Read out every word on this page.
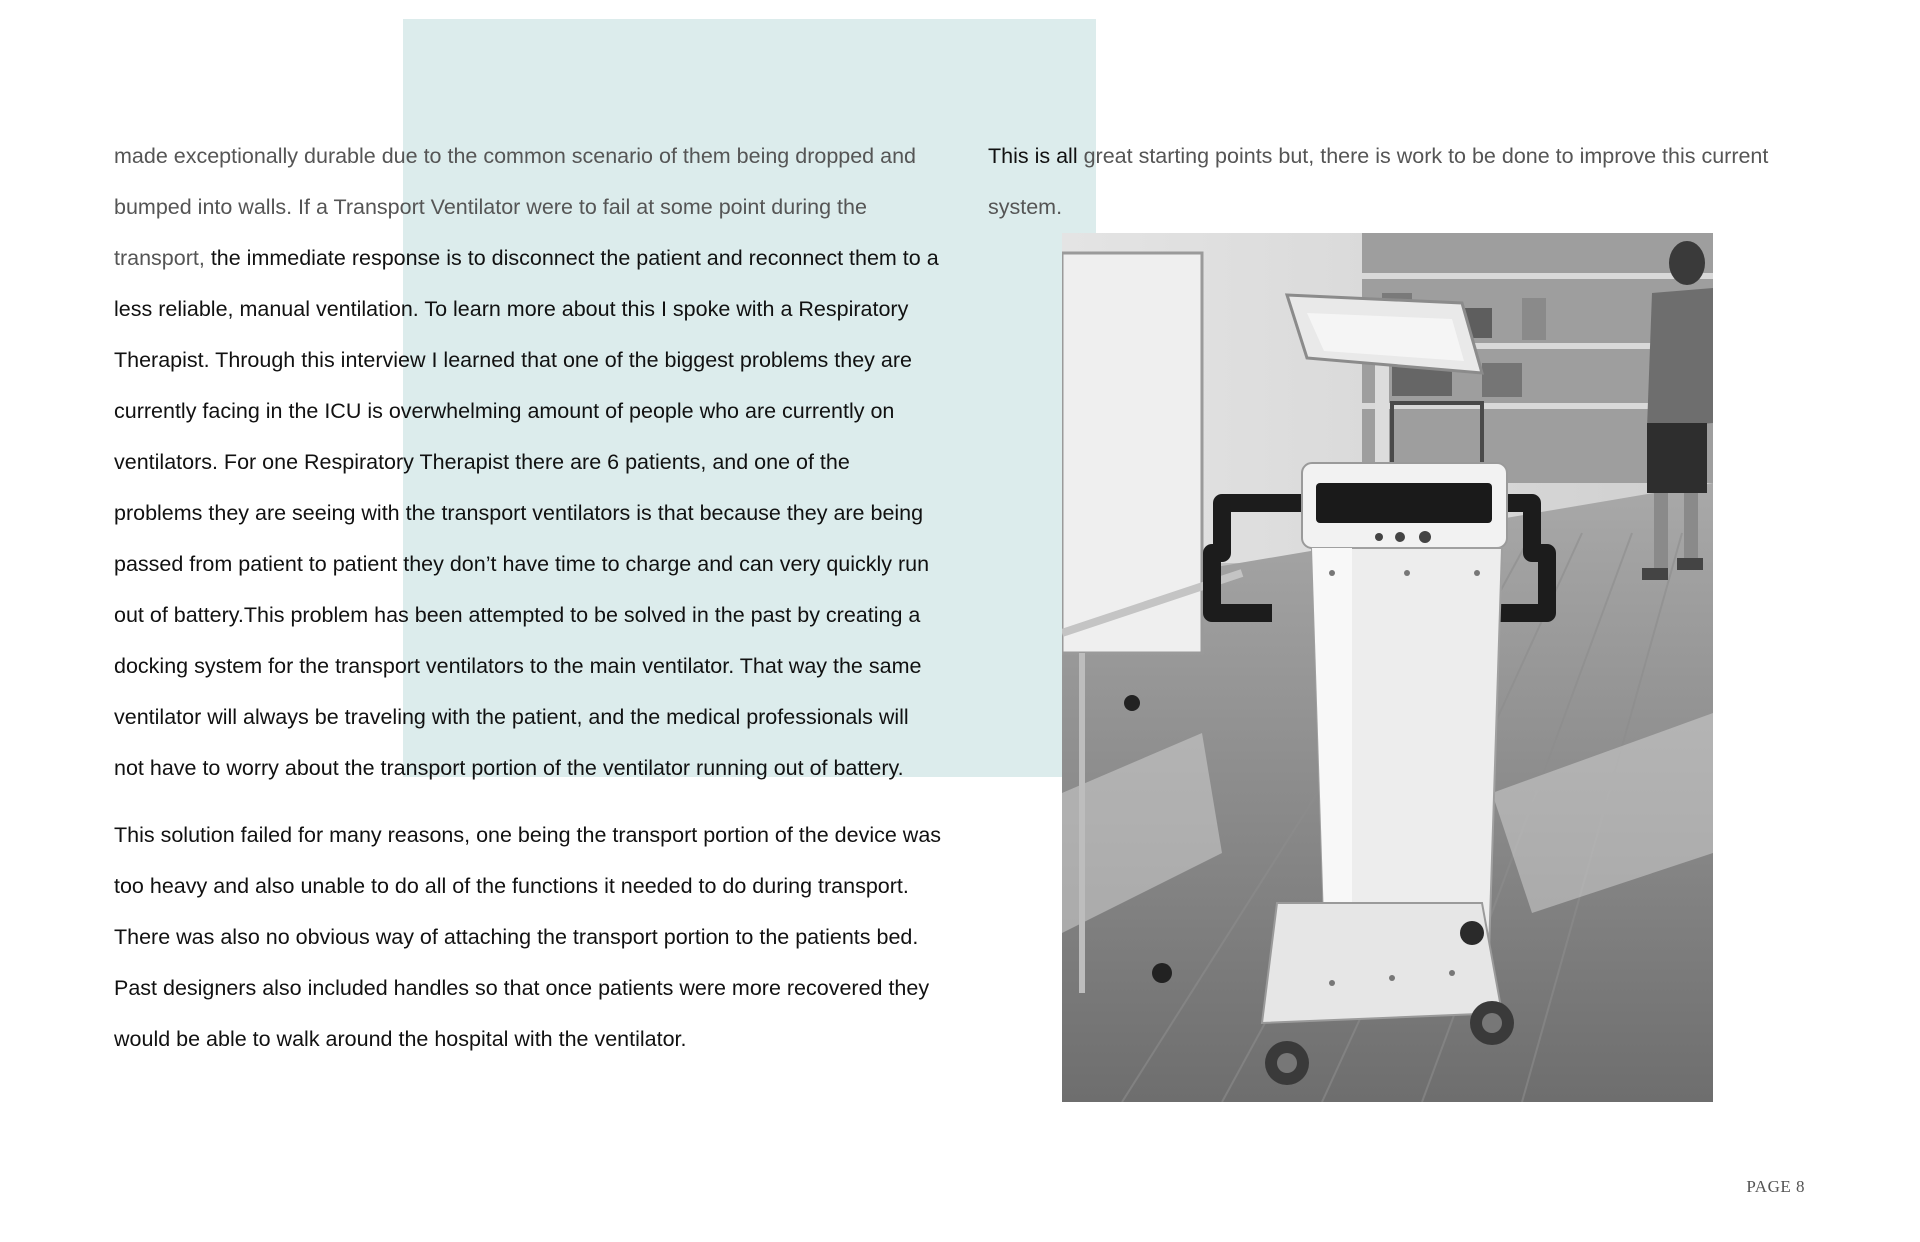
made exceptionally durable due to the common scenario of them being dropped and bumped into walls. If a Transport Ventilator were to fail at some point during the transport, the immediate response is to disconnect the patient and reconnect them to a less reliable, manual ventilation. To learn more about this I spoke with a Respiratory Therapist. Through this interview I learned that one of the biggest problems they are currently facing in the ICU is overwhelming amount of people who are currently on ventilators. For one Respiratory Therapist there are 6 patients, and one of the problems they are seeing with the transport ventilators is that because they are being passed from patient to patient they don’t have time to charge and can very quickly run out of battery.This problem has been attempted to be solved in the past by creating a docking system for the transport ventilators to the main ventilator. That way the same ventilator will always be traveling with the patient, and the medical professionals will not have to worry about the transport portion of the ventilator running out of battery.

This solution failed for many reasons, one being the transport portion of the device was too heavy and also unable to do all of the functions it needed to do during transport. There was also no obvious way of attaching the transport portion to the patients bed. Past designers also included handles so that once patients were more recovered they would be able to walk around the hospital with the ventilator.

This is all great starting points but, there is work to be done to improve this current system.

PAGE 8
